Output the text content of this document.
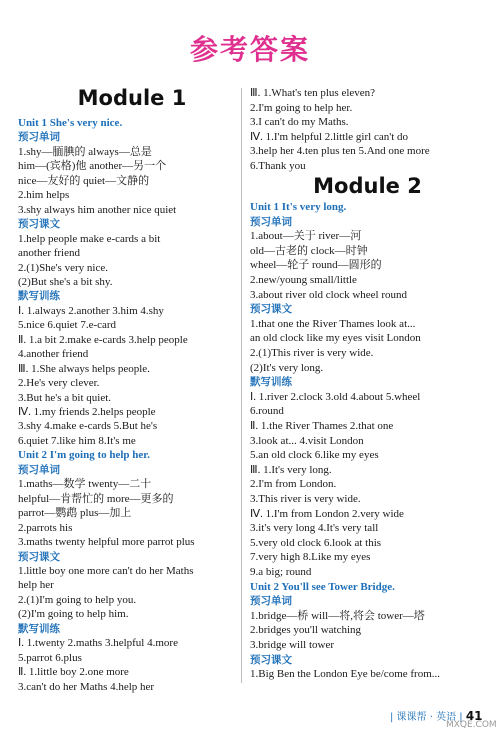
参考答案
Module 1
Unit 1 She's very nice.
预习单词
1.shy—腼腆的 always—总是
him—(宾格)他 another—另一个
nice—友好的 quiet—文静的
2.him helps
3.shy always him another nice quiet
预习课文
1.help people make e-cards a bit
another friend
2.(1)She's very nice.
(2)But she's a bit shy.
默写训练
Ⅰ. 1.always 2.another 3.him 4.shy
5.nice 6.quiet 7.e-card
Ⅱ. 1.a bit 2.make e-cards 3.help people
4.another friend
Ⅲ. 1.She always helps people.
2.He's very clever.
3.But he's a bit quiet.
Ⅳ. 1.my friends 2.helps people
3.shy 4.make e-cards 5.But he's
6.quiet 7.like him 8.It's me
Unit 2 I'm going to help her.
预习单词
1.maths—数学 twenty—二十
helpful—肯帮忙的 more—更多的
parrot—鹦鹉 plus—加上
2.parrots his
3.maths twenty helpful more parrot plus
预习课文
1.little boy one more can't do her Maths
help her
2.(1)I'm going to help you.
(2)I'm going to help him.
默写训练
Ⅰ. 1.twenty 2.maths 3.helpful 4.more
5.parrot 6.plus
Ⅱ. 1.little boy 2.one more
3.can't do her Maths 4.help her
Ⅲ. 1.What's ten plus eleven?
2.I'm going to help her.
3.I can't do my Maths.
Ⅳ. 1.I'm helpful 2.little girl can't do
3.help her 4.ten plus ten 5.And one more
6.Thank you
Module 2
Unit 1 It's very long.
预习单词
1.about—关于 river—河
old—古老的 clock—时钟
wheel—轮子 round—圆形的
2.new/young small/little
3.about river old clock wheel round
预习课文
1.that one the River Thames look at...
an old clock like my eyes visit London
2.(1)This river is very wide.
(2)It's very long.
默写训练
Ⅰ. 1.river 2.clock 3.old 4.about 5.wheel
6.round
Ⅱ. 1.the River Thames 2.that one
3.look at... 4.visit London
5.an old clock 6.like my eyes
Ⅲ. 1.It's very long.
2.I'm from London.
3.This river is very wide.
Ⅳ. 1.I'm from London 2.very wide
3.it's very long 4.It's very tall
5.very old clock 6.look at this
7.very high 8.Like my eyes
9.a big; round
Unit 2 You'll see Tower Bridge.
预习单词
1.bridge—桥 will—将,将会 tower—塔
2.bridges you'll watching
3.bridge will tower
预习课文
1.Big Ben the London Eye be/come from...
| 课课帮 · 英语 | 41
MXQE.COM
